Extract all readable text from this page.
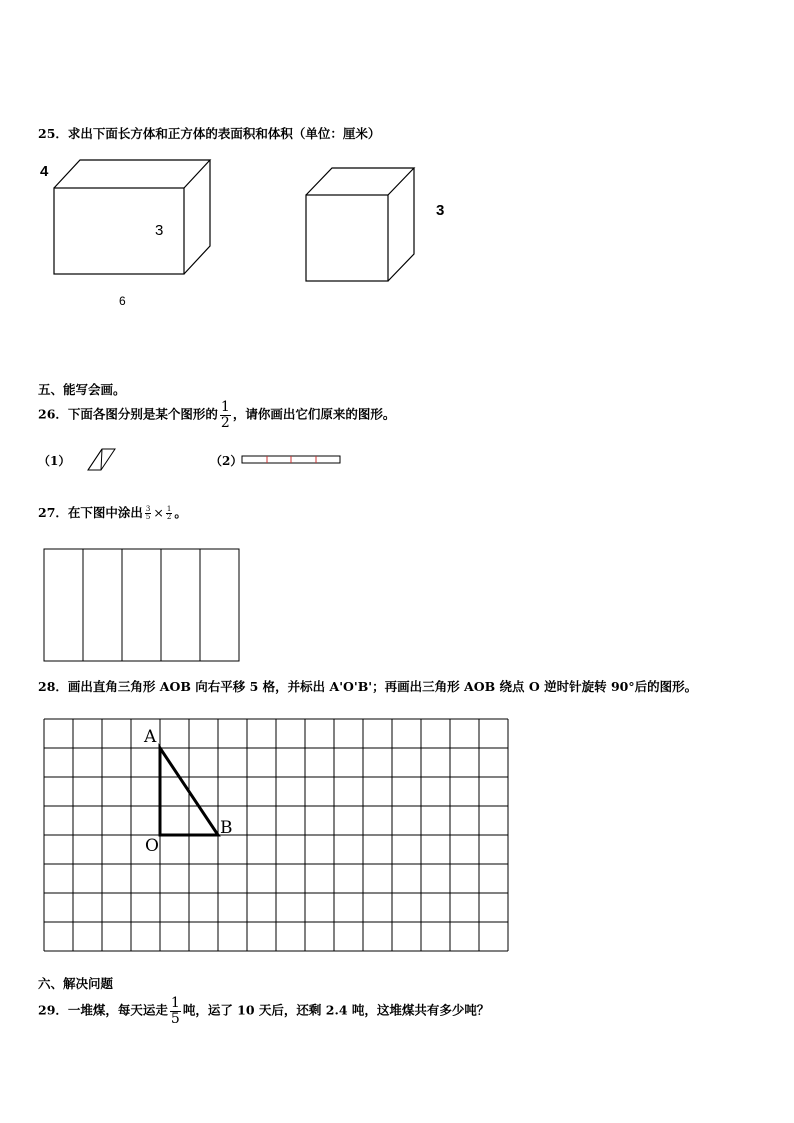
25．求出下面长方体和正方体的表面积和体积（单位：厘米）
4
3
6
3
五、能写会画。
26．下面各图分别是某个图形的 $\frac{1}{2}$ ，请你画出它们原来的图形。
（1）	（2）
27．在下图中涂出 $\frac{3}{5} \times \frac{1}{2}$ 。
28．画出直角三角形 AOB 向右平移 5 格，并标出 A'O'B'；再画出三角形 AOB 绕点 O 逆时针旋转 90°后的图形。
A
O
B
六、解决问题
29．一堆煤，每天运走 $\frac{1}{5}$ 吨，运了 10 天后，还剩 2.4 吨，这堆煤共有多少吨？
